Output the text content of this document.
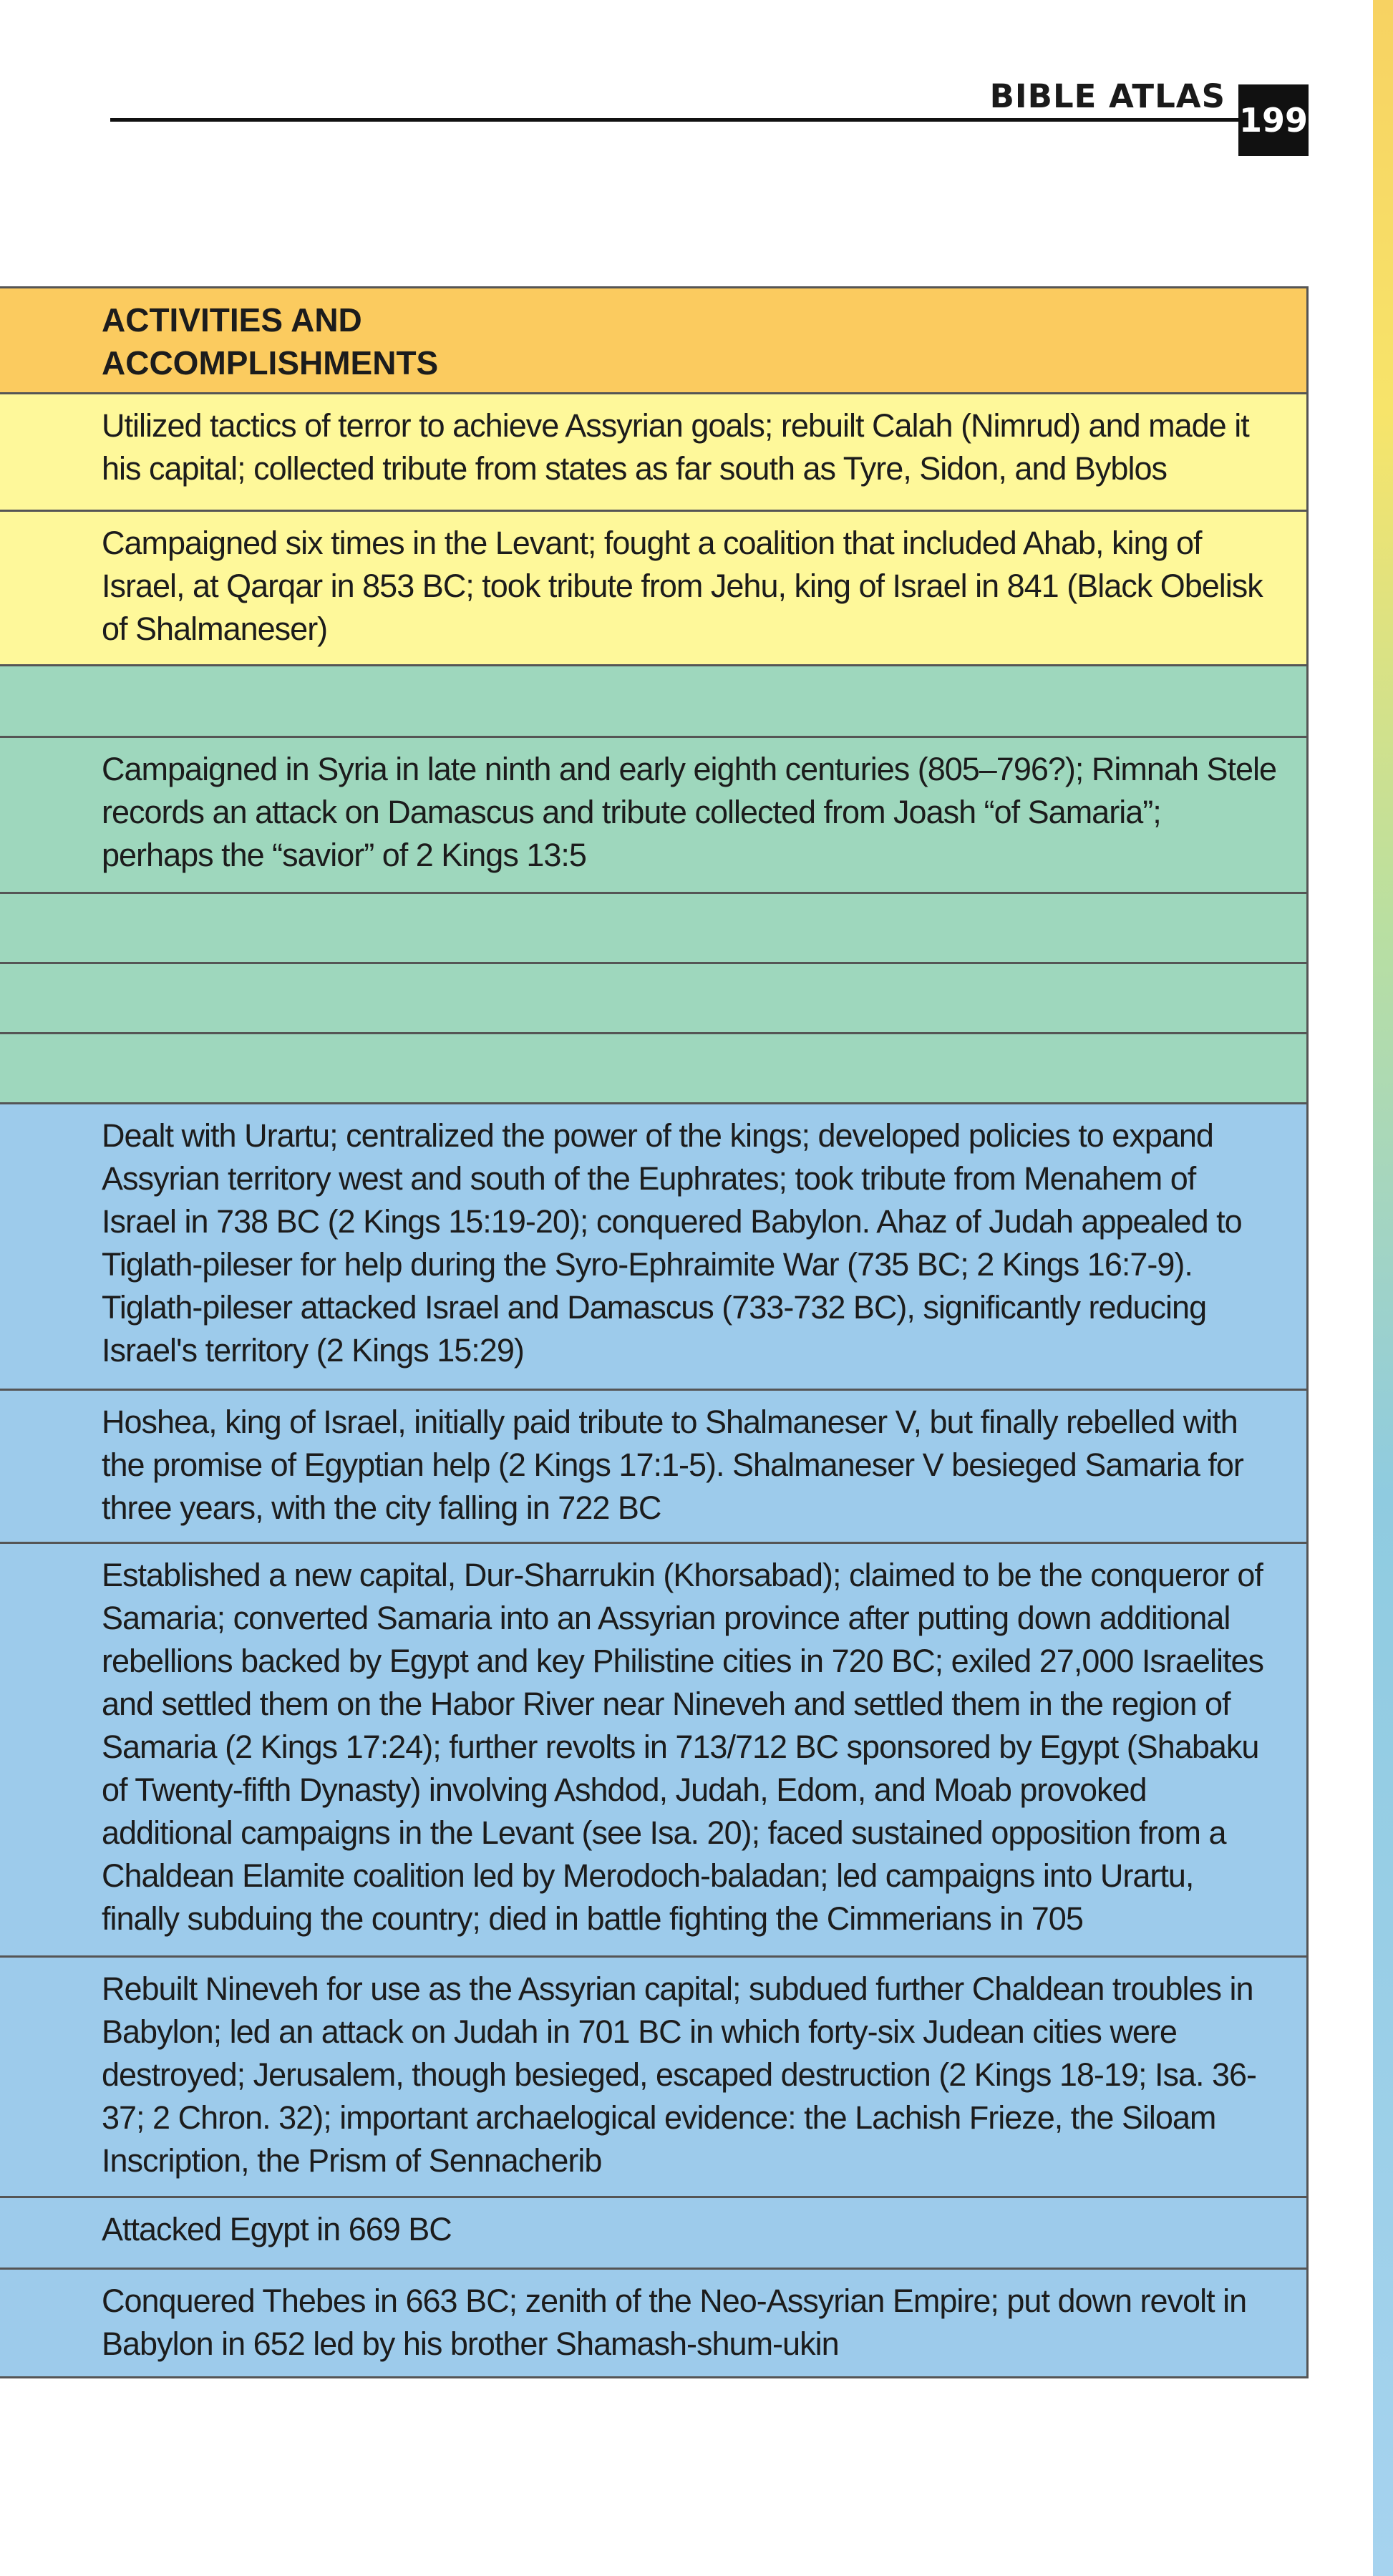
BIBLE ATLAS
199
ACTIVITIES AND ACCOMPLISHMENTS
Utilized tactics of terror to achieve Assyrian goals; rebuilt Calah (Nimrud) and made it his capital; collected tribute from states as far south as Tyre, Sidon, and Byblos
Campaigned six times in the Levant; fought a coalition that included Ahab, king of Israel, at Qarqar in 853 BC; took tribute from Jehu, king of Israel in 841 (Black Obelisk of Shalmaneser)
Campaigned in Syria in late ninth and early eighth centuries (805–796?); Rimnah Stele records an attack on Damascus and tribute collected from Joash “of Samaria”; perhaps the “savior” of 2 Kings 13:5
Dealt with Urartu; centralized the power of the kings; developed policies to expand Assyrian territory west and south of the Euphrates; took tribute from Menahem of Israel in 738 BC (2 Kings 15:19-20); conquered Babylon. Ahaz of Judah appealed to Tiglath-pileser for help during the Syro-Ephraimite War (735 BC; 2 Kings 16:7-9). Tiglath-pileser attacked Israel and Damascus (733-732 BC), significantly reducing Israel's territory (2 Kings 15:29)
Hoshea, king of Israel, initially paid tribute to Shalmaneser V, but finally rebelled with the promise of Egyptian help (2 Kings 17:1-5). Shalmaneser V besieged Samaria for three years, with the city falling in 722 BC
Established a new capital, Dur-Sharrukin (Khorsabad); claimed to be the conqueror of Samaria; converted Samaria into an Assyrian province after putting down additional rebellions backed by Egypt and key Philistine cities in 720 BC; exiled 27,000 Israelites and settled them on the Habor River near Nineveh and settled them in the region of Samaria (2 Kings 17:24); further revolts in 713/712 BC sponsored by Egypt (Shabaku of Twenty-fifth Dynasty) involving Ashdod, Judah, Edom, and Moab provoked additional campaigns in the Levant (see Isa. 20); faced sustained opposition from a Chaldean Elamite coalition led by Merodoch-baladan; led campaigns into Urartu, finally subduing the country; died in battle fighting the Cimmerians in 705
Rebuilt Nineveh for use as the Assyrian capital; subdued further Chaldean troubles in Babylon; led an attack on Judah in 701 BC in which forty-six Judean cities were destroyed; Jerusalem, though besieged, escaped destruction (2 Kings 18-19; Isa. 36-37; 2 Chron. 32); important archaelogical evidence: the Lachish Frieze, the Siloam Inscription, the Prism of Sennacherib
Attacked Egypt in 669 BC
Conquered Thebes in 663 BC; zenith of the Neo-Assyrian Empire; put down revolt in Babylon in 652 led by his brother Shamash-shum-ukin
